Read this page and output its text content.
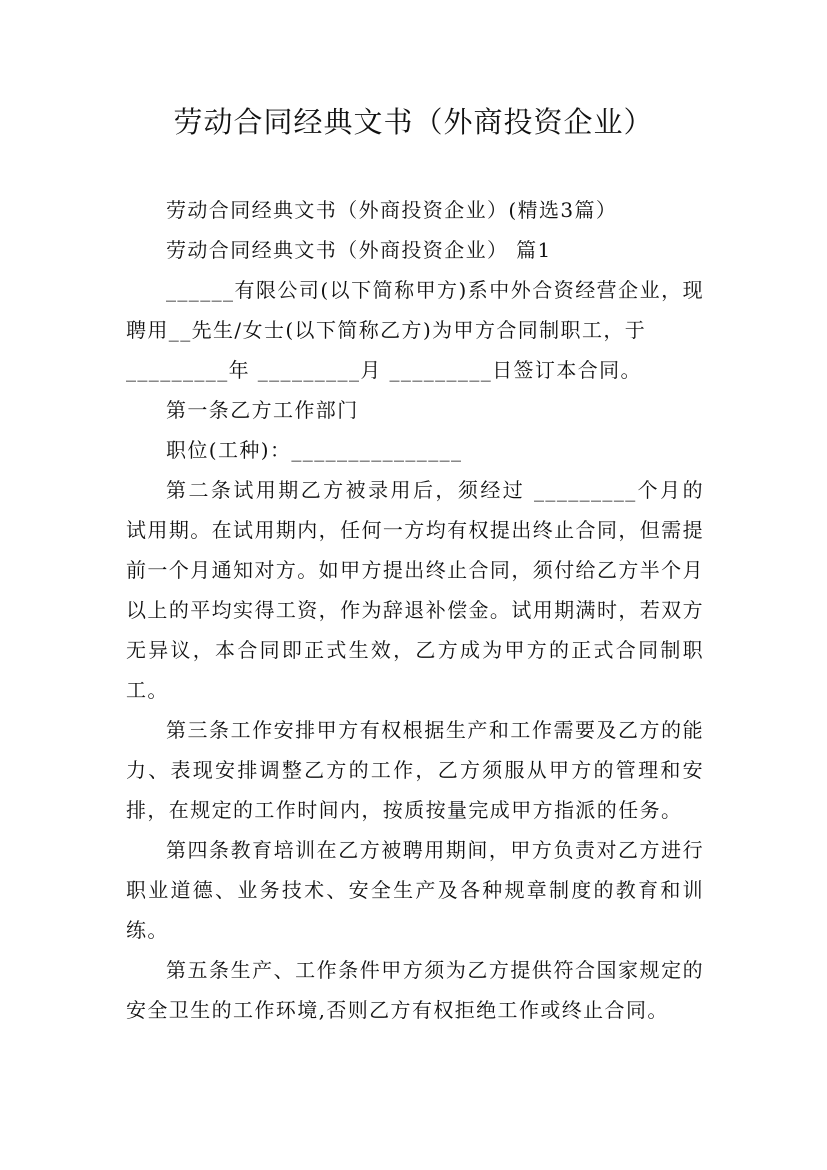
劳动合同经典文书（外商投资企业）

劳动合同经典文书（外商投资企业）(精选3篇）

劳动合同经典文书（外商投资企业） 篇1

______有限公司(以下简称甲方)系中外合资经营企业，现聘用__先生/女士(以下简称乙方)为甲方合同制职工，于

_________年 _________月 _________日签订本合同。

第一条乙方工作部门

职位(工种)：_______________

第二条试用期乙方被录用后，须经过 _________个月的试用期。在试用期内，任何一方均有权提出终止合同，但需提前一个月通知对方。如甲方提出终止合同，须付给乙方半个月以上的平均实得工资，作为辞退补偿金。试用期满时，若双方无异议，本合同即正式生效，乙方成为甲方的正式合同制职工。

第三条工作安排甲方有权根据生产和工作需要及乙方的能力、表现安排调整乙方的工作，乙方须服从甲方的管理和安排，在规定的工作时间内，按质按量完成甲方指派的任务。

第四条教育培训在乙方被聘用期间，甲方负责对乙方进行职业道德、业务技术、安全生产及各种规章制度的教育和训练。

第五条生产、工作条件甲方须为乙方提供符合国家规定的安全卫生的工作环境,否则乙方有权拒绝工作或终止合同。
